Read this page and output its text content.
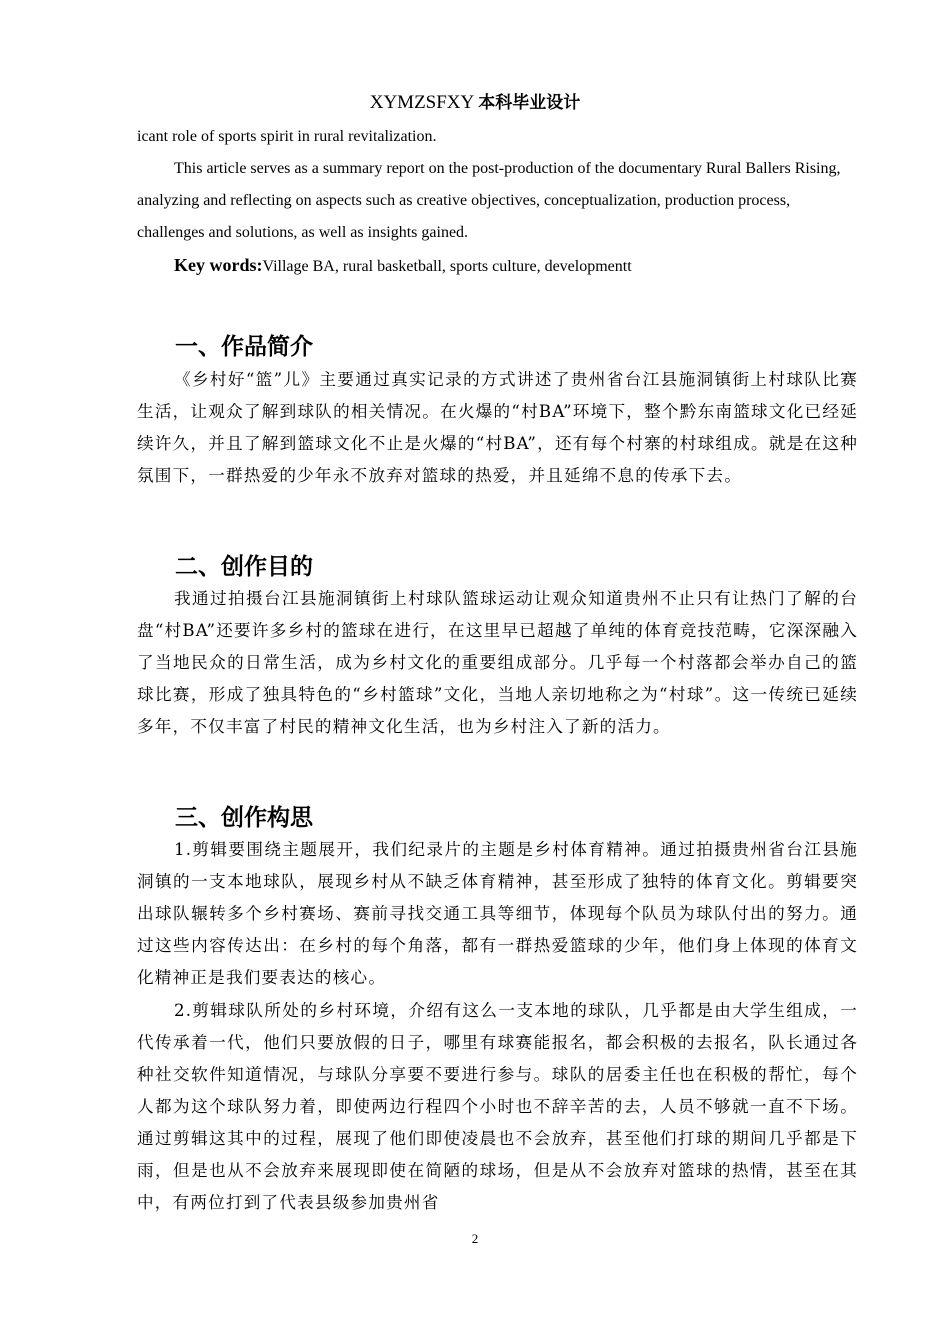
XYMZSFXY 本科毕业设计

icant role of sports spirit in rural revitalization.

This article serves as a summary report on the post-production of the documentary Rural Ballers Rising, analyzing and reflecting on aspects such as creative objectives, conceptualization, production process, challenges and solutions, as well as insights gained.

Key words:Village BA, rural basketball, sports culture, developmentt

一、作品简介

《乡村好“篮”儿》主要通过真实记录的方式讲述了贵州省台江县施洞镇街上村球队比赛生活，让观众了解到球队的相关情况。在火爆的“村BA”环境下，整个黔东南篮球文化已经延续许久，并且了解到篮球文化不止是火爆的“村BA”，还有每个村寨的村球组成。就是在这种氛围下，一群热爱的少年永不放弃对篮球的热爱，并且延绵不息的传承下去。

二、创作目的

我通过拍摄台江县施洞镇街上村球队篮球运动让观众知道贵州不止只有让热门了解的台盘“村BA”还要许多乡村的篮球在进行，在这里早已超越了单纯的体育竞技范畴，它深深融入了当地民众的日常生活，成为乡村文化的重要组成部分。几乎每一个村落都会举办自己的篮球比赛，形成了独具特色的“乡村篮球”文化，当地人亲切地称之为“村球”。这一传统已延续多年，不仅丰富了村民的精神文化生活，也为乡村注入了新的活力。

三、创作构思

1.剪辑要围绕主题展开，我们纪录片的主题是乡村体育精神。通过拍摄贵州省台江县施洞镇的一支本地球队，展现乡村从不缺乏体育精神，甚至形成了独特的体育文化。剪辑要突出球队辗转多个乡村赛场、赛前寻找交通工具等细节，体现每个队员为球队付出的努力。通过这些内容传达出：在乡村的每个角落，都有一群热爱篮球的少年，他们身上体现的体育文化精神正是我们要表达的核心。

2.剪辑球队所处的乡村环境，介绍有这么一支本地的球队，几乎都是由大学生组成，一代传承着一代，他们只要放假的日子，哪里有球赛能报名，都会积极的去报名，队长通过各种社交软件知道情况，与球队分享要不要进行参与。球队的居委主任也在积极的帮忙，每个人都为这个球队努力着，即使两边行程四个小时也不辞辛苦的去，人员不够就一直不下场。通过剪辑这其中的过程，展现了他们即使凌晨也不会放弃，甚至他们打球的期间几乎都是下雨，但是也从不会放弃来展现即使在简陋的球场，但是从不会放弃对篮球的热情，甚至在其中，有两位打到了代表县级参加贵州省

2
